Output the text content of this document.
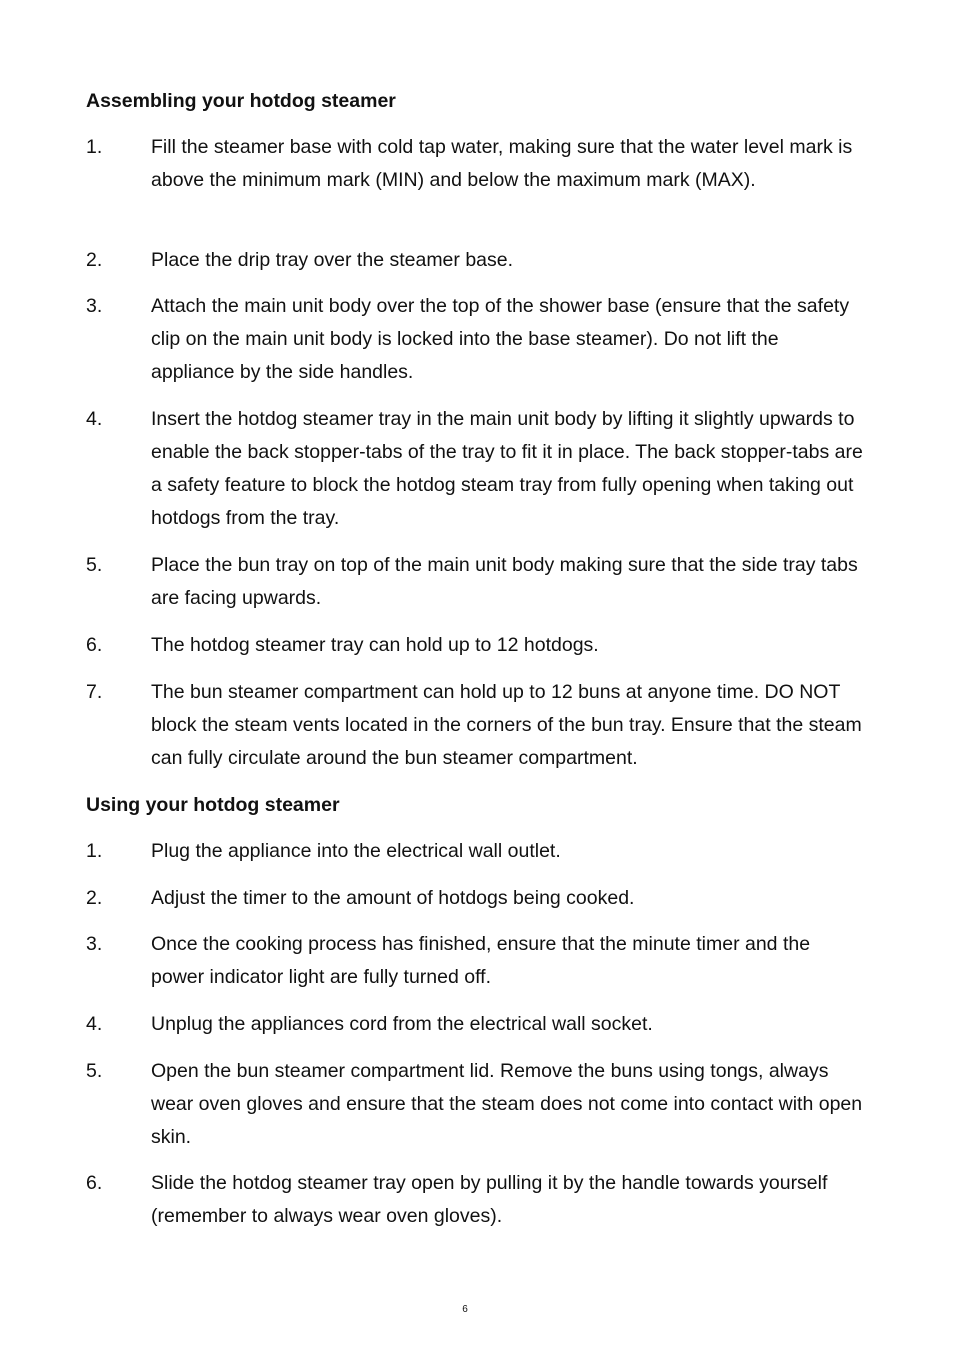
Assembling your hotdog steamer
1. Fill the steamer base with cold tap water, making sure that the water level mark is above the minimum mark (MIN) and below the maximum mark (MAX).
2. Place the drip tray over the steamer base.
3. Attach the main unit body over the top of the shower base (ensure that the safety clip on the main unit body is locked into the base steamer). Do not lift the appliance by the side handles.
4. Insert the hotdog steamer tray in the main unit body by lifting it slightly upwards to enable the back stopper-tabs of the tray to fit it in place. The back stopper-tabs are a safety feature to block the hotdog steam tray from fully opening when taking out hotdogs from the tray.
5. Place the bun tray on top of the main unit body making sure that the side tray tabs are facing upwards.
6. The hotdog steamer tray can hold up to 12 hotdogs.
7. The bun steamer compartment can hold up to 12 buns at anyone time. DO NOT block the steam vents located in the corners of the bun tray. Ensure that the steam can fully circulate around the bun steamer compartment.
Using your hotdog steamer
1. Plug the appliance into the electrical wall outlet.
2. Adjust the timer to the amount of hotdogs being cooked.
3. Once the cooking process has finished, ensure that the minute timer and the power indicator light are fully turned off.
4. Unplug the appliances cord from the electrical wall socket.
5. Open the bun steamer compartment lid. Remove the buns using tongs, always wear oven gloves and ensure that the steam does not come into contact with open skin.
6. Slide the hotdog steamer tray open by pulling it by the handle towards yourself (remember to always wear oven gloves).
6
